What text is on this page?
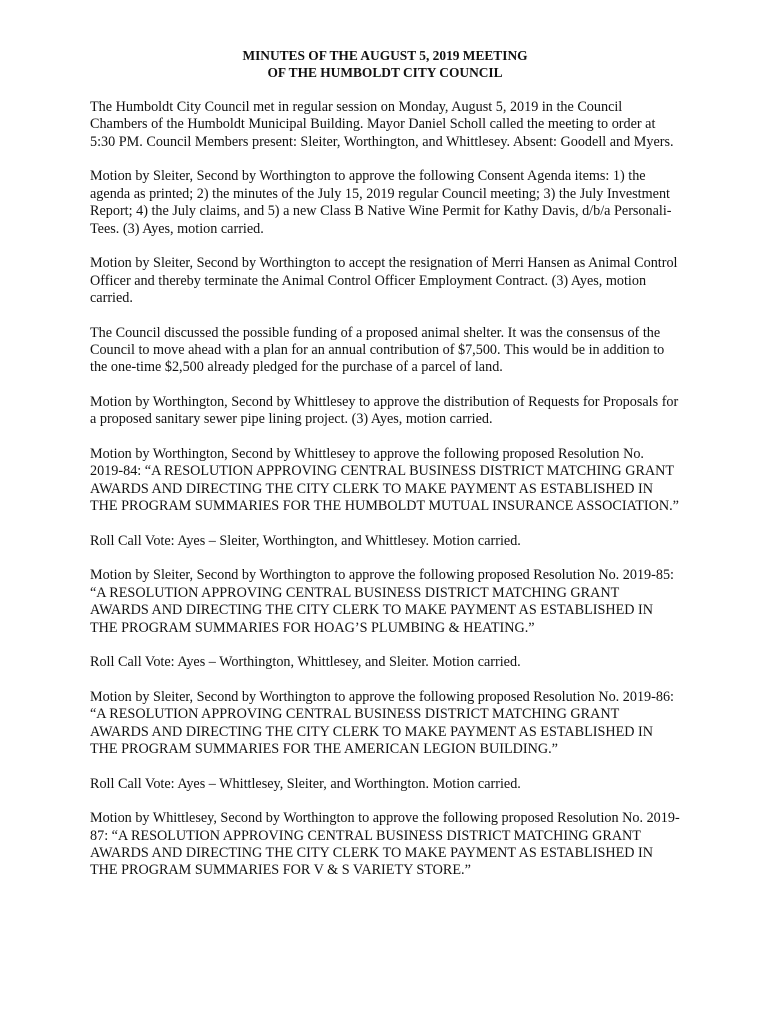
MINUTES OF THE AUGUST 5, 2019 MEETING
OF THE HUMBOLDT CITY COUNCIL

The Humboldt City Council met in regular session on Monday, August 5, 2019 in the Council Chambers of the Humboldt Municipal Building. Mayor Daniel Scholl called the meeting to order at 5:30 PM. Council Members present: Sleiter, Worthington, and Whittlesey. Absent: Goodell and Myers.

Motion by Sleiter, Second by Worthington to approve the following Consent Agenda items: 1) the agenda as printed; 2) the minutes of the July 15, 2019 regular Council meeting; 3) the July Investment Report; 4) the July claims, and 5) a new Class B Native Wine Permit for Kathy Davis, d/b/a Personali-Tees. (3) Ayes, motion carried.

Motion by Sleiter, Second by Worthington to accept the resignation of Merri Hansen as Animal Control Officer and thereby terminate the Animal Control Officer Employment Contract. (3) Ayes, motion carried.

The Council discussed the possible funding of a proposed animal shelter. It was the consensus of the Council to move ahead with a plan for an annual contribution of $7,500. This would be in addition to the one-time $2,500 already pledged for the purchase of a parcel of land.

Motion by Worthington, Second by Whittlesey to approve the distribution of Requests for Proposals for a proposed sanitary sewer pipe lining project. (3) Ayes, motion carried.

Motion by Worthington, Second by Whittlesey to approve the following proposed Resolution No. 2019-84: “A RESOLUTION APPROVING CENTRAL BUSINESS DISTRICT MATCHING GRANT AWARDS AND DIRECTING THE CITY CLERK TO MAKE PAYMENT AS ESTABLISHED IN THE PROGRAM SUMMARIES FOR THE HUMBOLDT MUTUAL INSURANCE ASSOCIATION.”

Roll Call Vote: Ayes – Sleiter, Worthington, and Whittlesey. Motion carried.

Motion by Sleiter, Second by Worthington to approve the following proposed Resolution No. 2019-85: “A RESOLUTION APPROVING CENTRAL BUSINESS DISTRICT MATCHING GRANT AWARDS AND DIRECTING THE CITY CLERK TO MAKE PAYMENT AS ESTABLISHED IN THE PROGRAM SUMMARIES FOR HOAG’S PLUMBING & HEATING.”

Roll Call Vote: Ayes – Worthington, Whittlesey, and Sleiter. Motion carried.

Motion by Sleiter, Second by Worthington to approve the following proposed Resolution No. 2019-86: “A RESOLUTION APPROVING CENTRAL BUSINESS DISTRICT MATCHING GRANT AWARDS AND DIRECTING THE CITY CLERK TO MAKE PAYMENT AS ESTABLISHED IN THE PROGRAM SUMMARIES FOR THE AMERICAN LEGION BUILDING.”

Roll Call Vote: Ayes – Whittlesey, Sleiter, and Worthington. Motion carried.

Motion by Whittlesey, Second by Worthington to approve the following proposed Resolution No. 2019-87: “A RESOLUTION APPROVING CENTRAL BUSINESS DISTRICT MATCHING GRANT AWARDS AND DIRECTING THE CITY CLERK TO MAKE PAYMENT AS ESTABLISHED IN THE PROGRAM SUMMARIES FOR V & S VARIETY STORE.”
